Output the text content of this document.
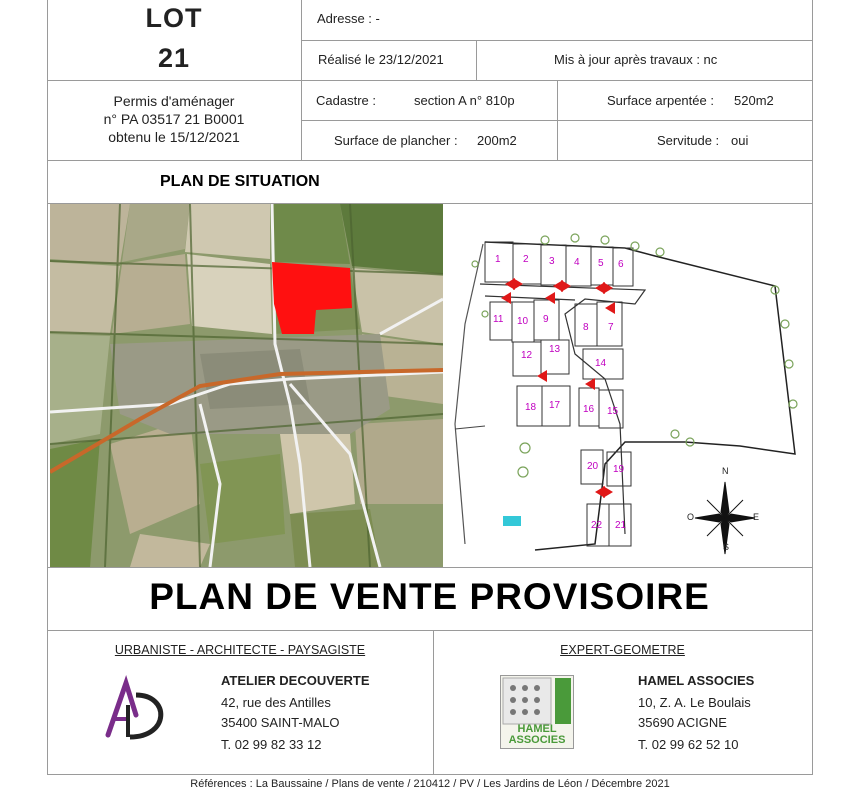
LOT
21
Adresse : -
Réalisé le 23/12/2021	Mis à jour après travaux : nc
Permis d'aménager
n° PA 03517 21 B0001
obtenu le 15/12/2021
Cadastre :	section A n° 810p	Surface arpentée : 520m2
Surface de plancher : 200m2	Servitude : oui
PLAN DE SITUATION
1 2 3 4 5 6
7
8
9
10
11
12
13
14
15
16
17
18
19
20
21
22
N
S
E
O
PLAN DE VENTE PROVISOIRE
URBANISTE - ARCHITECTE - PAYSAGISTE
ATELIER DECOUVERTE
42, rue des Antilles
35400 SAINT-MALO
T. 02 99 82 33 12
EXPERT-GEOMETRE
HAMEL
ASSOCIES
HAMEL ASSOCIES
10, Z. A. Le Boulais
35690 ACIGNE
T. 02 99 62 52 10
Références : La Baussaine / Plans de vente / 210412 / PV / Les Jardins de Léon / Décembre 2021
